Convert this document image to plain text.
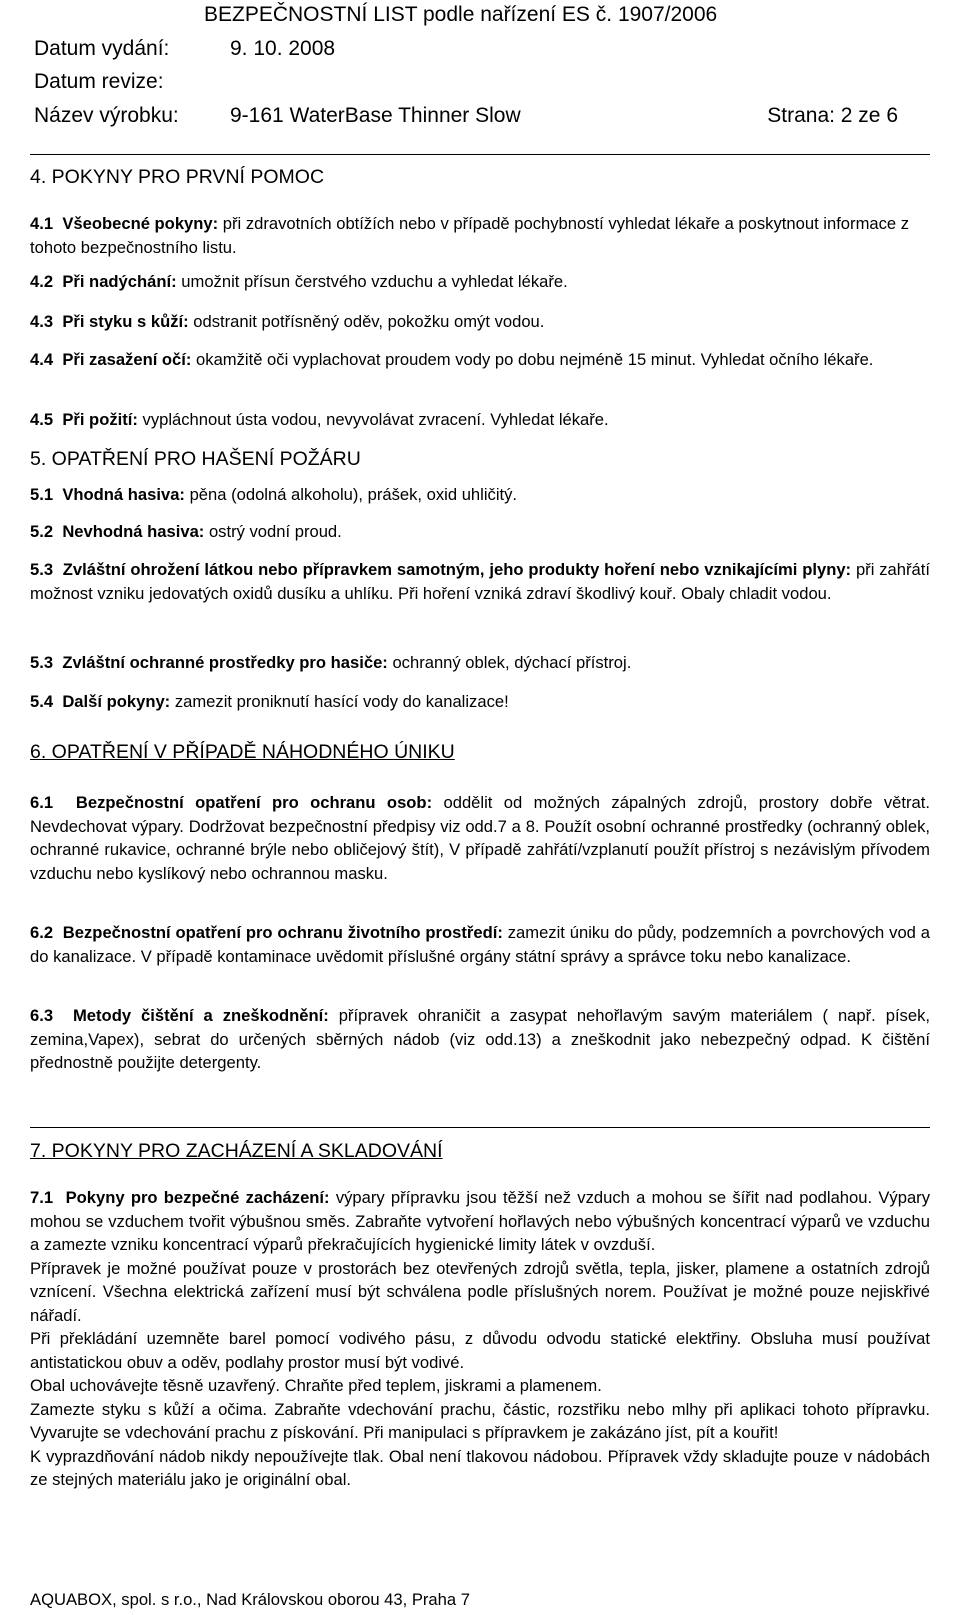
BEZPEČNOSTNÍ LIST podle nařízení ES č. 1907/2006
Datum vydání:	9. 10. 2008
Datum revize:
Název výrobku: 9-161 WaterBase Thinner Slow	Strana: 2 ze 6
4. POKYNY PRO PRVNÍ POMOC
4.1 Všeobecné pokyny: při zdravotních obtížích nebo v případě pochybností vyhledat lékaře a poskytnout informace z tohoto bezpečnostního listu.
4.2 Při nadýchání: umožnit přísun čerstvého vzduchu a vyhledat lékaře.
4.3 Při styku s kůží: odstranit potřísněný oděv, pokožku omýt vodou.
4.4 Při zasažení očí: okamžitě oči vyplachovat proudem vody po dobu nejméně 15 minut. Vyhledat očního lékaře.
4.5 Při požití: vypláchnout ústa vodou, nevyvolávat zvracení. Vyhledat lékaře.
5. OPATŘENÍ PRO HAŠENÍ POŽÁRU
5.1 Vhodná hasiva: pěna (odolná alkoholu), prášek, oxid uhličitý.
5.2 Nevhodná hasiva: ostrý vodní proud.
5.3 Zvláštní ohrožení látkou nebo přípravkem samotným, jeho produkty hoření nebo vznikajícími plyny: při zahřátí možnost vzniku jedovatých oxidů dusíku a uhlíku. Při hoření vzniká zdraví škodlivý kouř. Obaly chladit vodou.
5.3 Zvláštní ochranné prostředky pro hasiče: ochranný oblek, dýchací přístroj.
5.4 Další pokyny: zamezit proniknutí hasící vody do kanalizace!
6. OPATŘENÍ V PŘÍPADĚ NÁHODNÉHO ÚNIKU
6.1 Bezpečnostní opatření pro ochranu osob: oddělit od možných zápalných zdrojů, prostory dobře větrat. Nevdechovat výpary. Dodržovat bezpečnostní předpisy viz odd.7 a 8. Použít osobní ochranné prostředky (ochranný oblek, ochranné rukavice, ochranné brýle nebo obličejový štít), V případě zahřátí/vzplanutí použít přístroj s nezávislým přívodem vzduchu nebo kyslíkový nebo ochrannou masku.
6.2 Bezpečnostní opatření pro ochranu životního prostředí: zamezit úniku do půdy, podzemních a povrchových vod a do kanalizace. V případě kontaminace uvědomit příslušné orgány státní správy a správce toku nebo kanalizace.
6.3 Metody čištění a zneškodnění: přípravek ohraničit a zasypat nehořlavým savým materiálem ( např. písek, zemina,Vapex), sebrat do určených sběrných nádob (viz odd.13) a zneškodnit jako nebezpečný odpad. K čištění přednostně použijte detergenty.
7. POKYNY PRO ZACHÁZENÍ A SKLADOVÁNÍ

7.1 Pokyny pro bezpečné zacházení: výpary přípravku jsou těžší než vzduch a mohou se šířit nad podlahou. Výpary mohou se vzduchem tvořit výbušnou směs. Zabraňte vytvoření hořlavých nebo výbušných koncentrací výparů ve vzduchu a zamezte vzniku koncentrací výparů překračujících hygienické limity látek v ovzduší.

Přípravek je možné používat pouze v prostorách bez otevřených zdrojů světla, tepla, jisker, plamene a ostatních zdrojů vznícení. Všechna elektrická zařízení musí být schválena podle příslušných norem. Používat je možné pouze nejiskřivé nářadí.

Při překládání uzemněte barel pomocí vodivého pásu, z důvodu odvodu statické elektřiny. Obsluha musí používat antistatickou obuv a oděv, podlahy prostor musí být vodivé.

Obal uchovávejte těsně uzavřený. Chraňte před teplem, jiskrami a plamenem.

Zamezte styku s kůží a očima. Zabraňte vdechování prachu, částic, rozstřiku nebo mlhy při aplikaci tohoto přípravku. Vyvarujte se vdechování prachu z pískování. Při manipulaci s přípravkem je zakázáno jíst, pít a kouřit!

K vyprazdňování nádob nikdy nepoužívejte tlak. Obal není tlakovou nádobou. Přípravek vždy skladujte pouze v nádobách ze stejných materiálu jako je originální obal.

AQUABOX, spol. s r.o., Nad Královskou oborou 43, Praha 7
